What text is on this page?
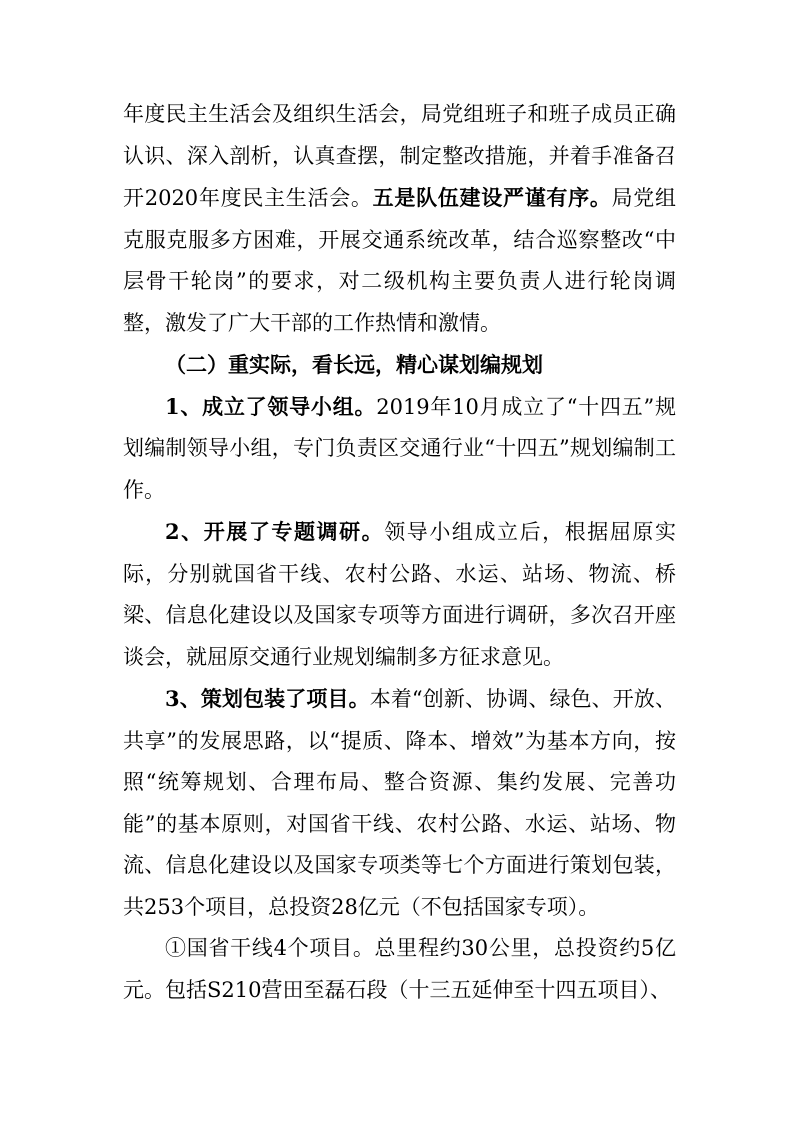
年度民主生活会及组织生活会，局党组班子和班子成员正确认识、深入剖析，认真查摆，制定整改措施，并着手准备召开2020年度民主生活会。五是队伍建设严谨有序。局党组克服克服多方困难，开展交通系统改革，结合巡察整改“中层骨干轮岗”的要求，对二级机构主要负责人进行轮岗调整，激发了广大干部的工作热情和激情。

（二）重实际，看长远，精心谋划编规划

1、成立了领导小组。2019年10月成立了“十四五”规划编制领导小组，专门负责区交通行业“十四五”规划编制工作。

2、开展了专题调研。领导小组成立后，根据屈原实际，分别就国省干线、农村公路、水运、站场、物流、桥梁、信息化建设以及国家专项等方面进行调研，多次召开座谈会，就屈原交通行业规划编制多方征求意见。

3、策划包装了项目。本着“创新、协调、绿色、开放、共享”的发展思路，以“提质、降本、增效”为基本方向，按照“统筹规划、合理布局、整合资源、集约发展、完善功能”的基本原则，对国省干线、农村公路、水运、站场、物流、信息化建设以及国家专项类等七个方面进行策划包装，共253个项目，总投资28亿元（不包括国家专项）。

①国省干线4个项目。总里程约30公里，总投资约5亿元。包括S210营田至磊石段（十三五延伸至十四五项目）、
